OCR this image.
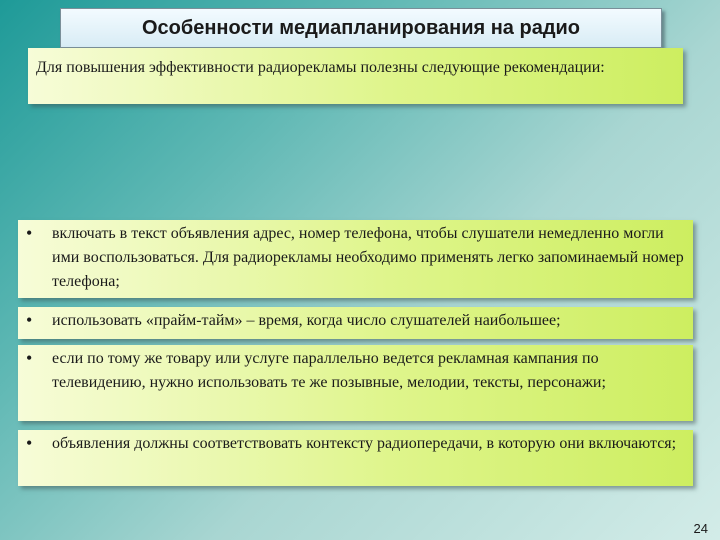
Особенности медиапланирования на радио
Для повышения эффективности радиорекламы полезны следующие рекомендации:
•	включать в текст объявления адрес, номер телефона, чтобы слушатели немедленно могли ими воспользоваться. Для радиорекламы необходимо применять легко запоминаемый номер телефона;
•	использовать «прайм-тайм» – время, когда число слушателей наибольшее;
•	если по тому же товару или услуге параллельно ведется рекламная кампания по телевидению, нужно использовать те же позывные, мелодии, тексты, персонажи;
•	объявления должны соответствовать контексту радиопередачи, в которую они включаются;
24
